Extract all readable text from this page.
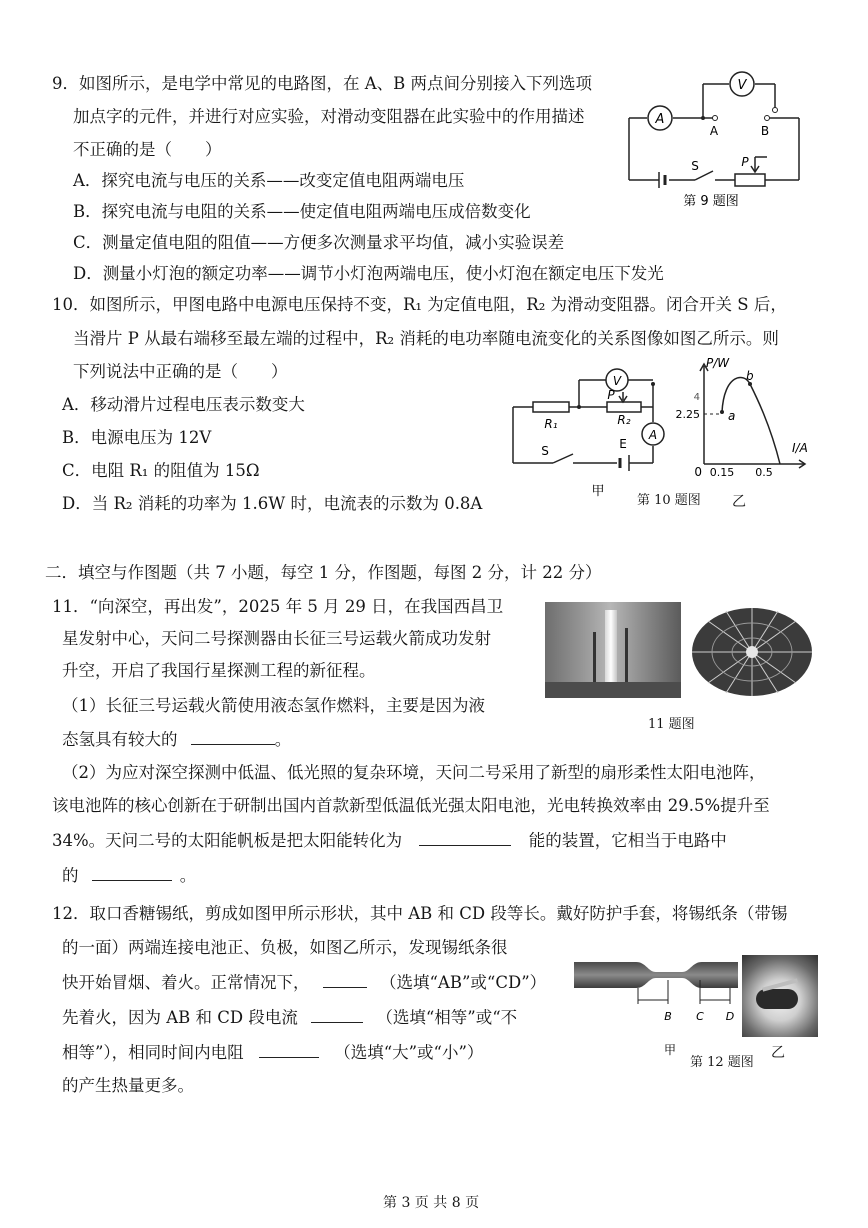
9．如图所示，是电学中常见的电路图，在 A、B 两点间分别接入下列选项
加点字的元件，并进行对应实验，对滑动变阻器在此实验中的作用描述
不正确的是（　　）
A．探究电流与电压的关系——改变定值电阻两端电压
B．探究电流与电阻的关系——使定值电阻两端电压成倍数变化
C．测量定值电阻的阻值——方便多次测量求平均值，减小实验误差
D．测量小灯泡的额定功率——调节小灯泡两端电压，使小灯泡在额定电压下发光
A
V
A	B
S	P
第 9 题图
10．如图所示，甲图电路中电源电压保持不变，R₁ 为定值电阻，R₂ 为滑动变阻器。闭合开关 S 后，
当滑片 P 从最右端移至最左端的过程中，R₂ 消耗的电功率随电流变化的关系图像如图乙所示。则
下列说法中正确的是（　　）
A．移动滑片过程电压表示数变大
B．电源电压为 12V
C．电阻 R₁ 的阻值为 15Ω
D．当 R₂ 消耗的功率为 1.6W 时，电流表的示数为 0.8A
V
A
P
R₁	R₂
E
S
甲
P/W
I/A
0
2.25
4
0.15 0.5
a
b
第 10 题图 乙
二．填空与作图题（共 7 小题，每空 1 分，作图题，每图 2 分，计 22 分）
11．“向深空，再出发”，2025 年 5 月 29 日，在我国西昌卫
星发射中心，天问二号探测器由长征三号运载火箭成功发射
升空，开启了我国行星探测工程的新征程。
（1）长征三号运载火箭使用液态氢作燃料，主要是因为液
态氢具有较大的	。
（2）为应对深空探测中低温、低光照的复杂环境，天问二号采用了新型的扇形柔性太阳电池阵，
该电池阵的核心创新在于研制出国内首款新型低温低光强太阳电池，光电转换效率由 29.5%提升至
34%。天问二号的太阳能帆板是把太阳能转化为	能的装置，它相当于电路中
的	。
11 题图
12．取口香糖锡纸，剪成如图甲所示形状，其中 AB 和 CD 段等长。戴好防护手套，将锡纸条（带锡
的一面）两端连接电池正、负极，如图乙所示，发现锡纸条很
快开始冒烟、着火。正常情况下，	（选填“AB”或“CD”）
先着火，因为 AB 和 CD 段电流	（选填“相等”或“不
相等”），相同时间内电阻	（选填“大”或“小”）
的产生热量更多。
B C D
甲
第 12 题图
乙
第 3 页 共 8 页
